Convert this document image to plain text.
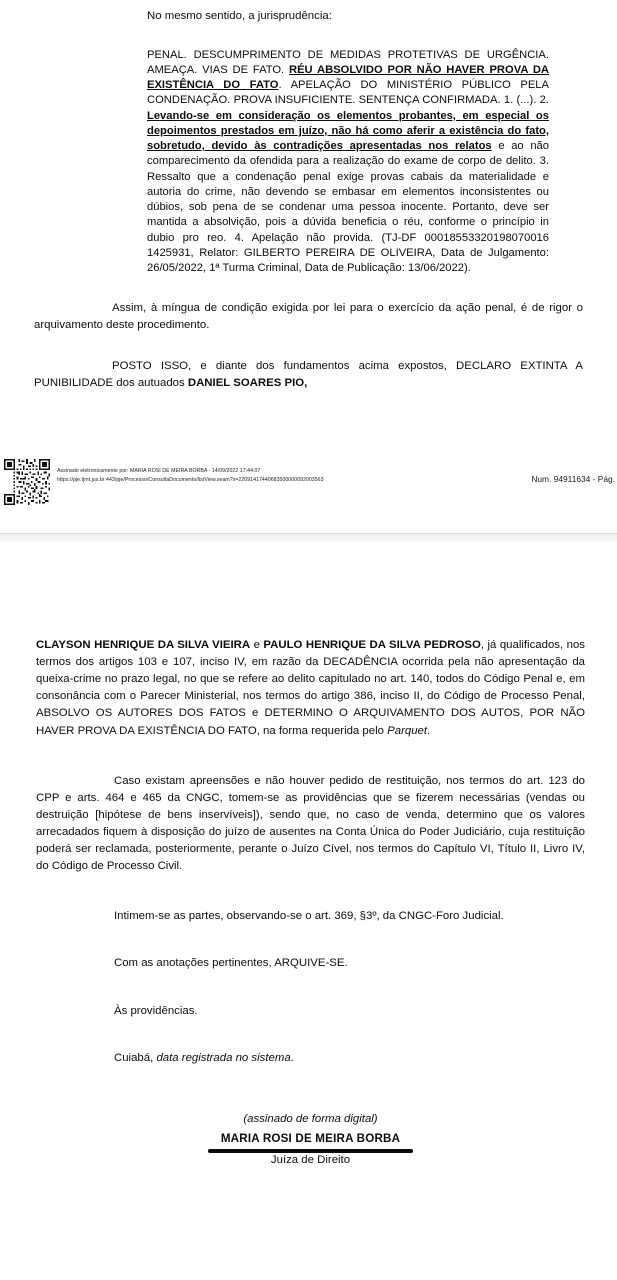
No mesmo sentido, a jurisprudência:

PENAL. DESCUMPRIMENTO DE MEDIDAS PROTETIVAS DE URGÊNCIA. AMEAÇA. VIAS DE FATO. RÉU ABSOLVIDO POR NÃO HAVER PROVA DA EXISTÊNCIA DO FATO. APELAÇÃO DO MINISTÉRIO PÚBLICO PELA CONDENAÇÃO. PROVA INSUFICIENTE. SENTENÇA CONFIRMADA. 1. (...). 2. Levando-se em consideração os elementos probantes, em especial os depoimentos prestados em juízo, não há como aferir a existência do fato, sobretudo, devido às contradições apresentadas nos relatos e ao não comparecimento da ofendida para a realização do exame de corpo de delito. 3. Ressalto que a condenação penal exige provas cabais da materialidade e autoria do crime, não devendo se embasar em elementos inconsistentes ou dúbios, sob pena de se condenar uma pessoa inocente. Portanto, deve ser mantida a absolvição, pois a dúvida beneficia o réu, conforme o princípio in dubio pro reo. 4. Apelação não provida. (TJ-DF 00018553320198070016 1425931, Relator: GILBERTO PEREIRA DE OLIVEIRA, Data de Julgamento: 26/05/2022, 1ª Turma Criminal, Data de Publicação: 13/06/2022).

Assim, à míngua de condição exigida por lei para o exercício da ação penal, é de rigor o arquivamento deste procedimento.

POSTO ISSO, e diante dos fundamentos acima expostos, DECLARO EXTINTA A PUNIBILIDADE dos autuados DANIEL SOARES PIO,

Assinado eletronicamente por: MARIA ROSI DE MEIRA BORBA - 14/09/2022 17:44:07
https://pje.tjmt.jus.br:443/pje/Processo/ConsultaDocumento/listView.seam?x=22091417440683500000092003563	Num. 94911634 - Pág.

CLAYSON HENRIQUE DA SILVA VIEIRA e PAULO HENRIQUE DA SILVA PEDROSO, já qualificados, nos termos dos artigos 103 e 107, inciso IV, em razão da DECADÊNCIA ocorrida pela não apresentação da queixa-crime no prazo legal, no que se refere ao delito capitulado no art. 140, todos do Código Penal e, em consonância com o Parecer Ministerial, nos termos do artigo 386, inciso II, do Código de Processo Penal, ABSOLVO OS AUTORES DOS FATOS e DETERMINO O ARQUIVAMENTO DOS AUTOS, POR NÃO HAVER PROVA DA EXISTÊNCIA DO FATO, na forma requerida pelo Parquet.

Caso existam apreensões e não houver pedido de restituição, nos termos do art. 123 do CPP e arts. 464 e 465 da CNGC, tomem-se as providências que se fizerem necessárias (vendas ou destruição [hipótese de bens inservíveis]), sendo que, no caso de venda, determino que os valores arrecadados fiquem à disposição do juízo de ausentes na Conta Única do Poder Judiciário, cuja restituição poderá ser reclamada, posteriormente, perante o Juízo Cível, nos termos do Capítulo VI, Título II, Livro IV, do Código de Processo Civil.

Intimem-se as partes, observando-se o art. 369, §3º, da CNGC-Foro Judicial.

Com as anotações pertinentes, ARQUIVE-SE.

Às providências.

Cuiabá, data registrada no sistema.

(assinado de forma digital)
MARIA ROSI DE MEIRA BORBA
Juíza de Direito
